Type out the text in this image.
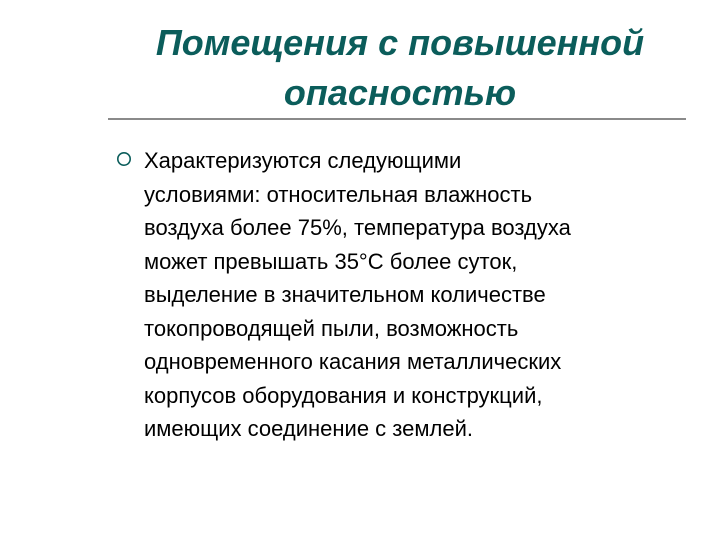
Помещения с повышенной
опасностью

Характеризуются следующими
условиями: относительная влажность
воздуха более 75%, температура воздуха
может превышать 35°С более суток,
выделение в значительном количестве
токопроводящей пыли, возможность
одновременного касания металлических
корпусов оборудования и конструкций,
имеющих соединение с землей.
